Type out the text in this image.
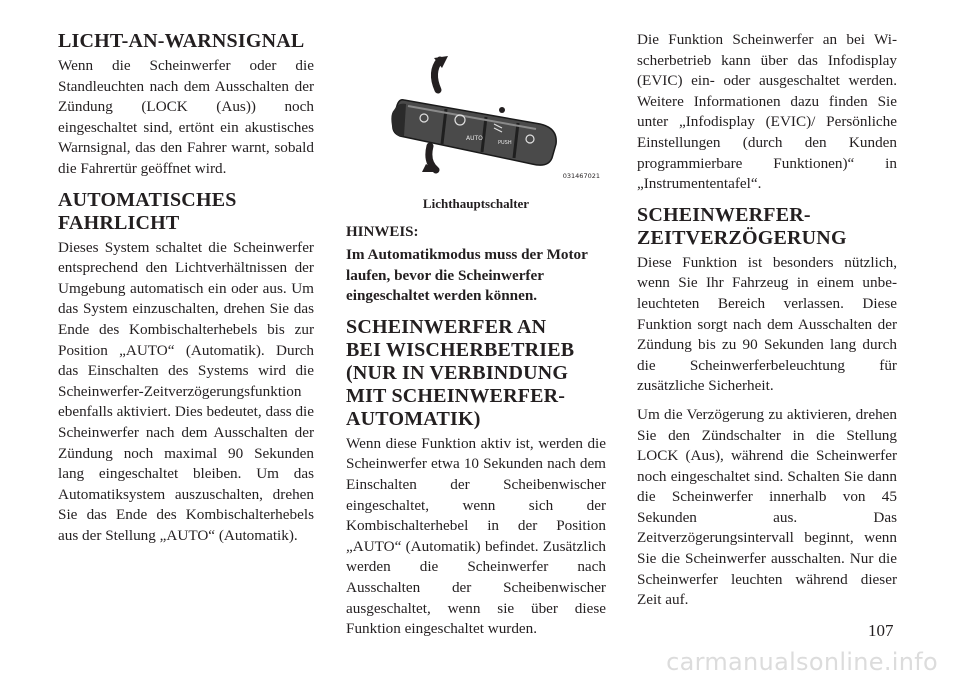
LICHT-AN-WARNSIGNAL

Wenn die Scheinwerfer oder die Standleuchten nach dem Ausschalten der Zündung (LOCK (Aus)) noch eingeschaltet sind, ertönt ein akustisches Warnsignal, das den Fahrer warnt, sobald die Fahrertür geöffnet wird.

AUTOMATISCHES FAHRLICHT

Dieses System schaltet die Scheinwerfer entsprechend den Lichtverhältnissen der Umgebung automatisch ein oder aus. Um das System einzuschalten, drehen Sie das Ende des Kombischalterhebels bis zur Position „AUTO“ (Automatik). Durch das Einschalten des Systems wird die Scheinwerfer-Zeitverzögerungsfunktion ebenfalls aktiviert. Dies bedeutet, dass die Scheinwerfer nach dem Ausschalten der Zündung noch maximal 90 Sekunden lang eingeschaltet bleiben. Um das Automatiksystem auszuschalten, drehen Sie das Ende des Kombischalterhebels aus der Stellung „AUTO“ (Automatik).

AUTO
PUSH
031467021
Lichthauptschalter
HINWEIS:

Im Automatikmodus muss der Motor laufen, bevor die Scheinwerfer eingeschaltet werden können.

SCHEINWERFER AN BEI WISCHERBETRIEB (NUR IN VERBINDUNG MIT SCHEINWERFER-AUTOMATIK)

Wenn diese Funktion aktiv ist, werden die Scheinwerfer etwa 10 Sekunden nach dem Einschalten der Scheibenwischer eingeschaltet, wenn sich der Kombischalterhebel in der Position „AUTO“ (Automatik) befindet. Zusätzlich werden die Scheinwerfer nach Ausschalten der Scheibenwischer ausgeschaltet, wenn sie über diese Funktion eingeschaltet wurden.

Die Funktion Scheinwerfer an bei Wischerbetrieb kann über das Infodisplay (EVIC) ein- oder ausgeschaltet werden. Weitere Informationen dazu finden Sie unter „Infodisplay (EVIC)/ Persönliche Einstellungen (durch den Kunden programmierbare Funktionen)“ in „Instrumententafel“.

SCHEINWERFER-ZEITVERZÖGERUNG

Diese Funktion ist besonders nützlich, wenn Sie Ihr Fahrzeug in einem unbeleuchteten Bereich verlassen. Diese Funktion sorgt nach dem Ausschalten der Zündung bis zu 90 Sekunden lang durch die Scheinwerferbeleuchtung für zusätzliche Sicherheit.

Um die Verzögerung zu aktivieren, drehen Sie den Zündschalter in die Stellung LOCK (Aus), während die Scheinwerfer noch eingeschaltet sind. Schalten Sie dann die Scheinwerfer innerhalb von 45 Sekunden aus. Das Zeitverzögerungsintervall beginnt, wenn Sie die Scheinwerfer ausschalten. Nur die Scheinwerfer leuchten während dieser Zeit auf.

107
carmanualsonline.info
